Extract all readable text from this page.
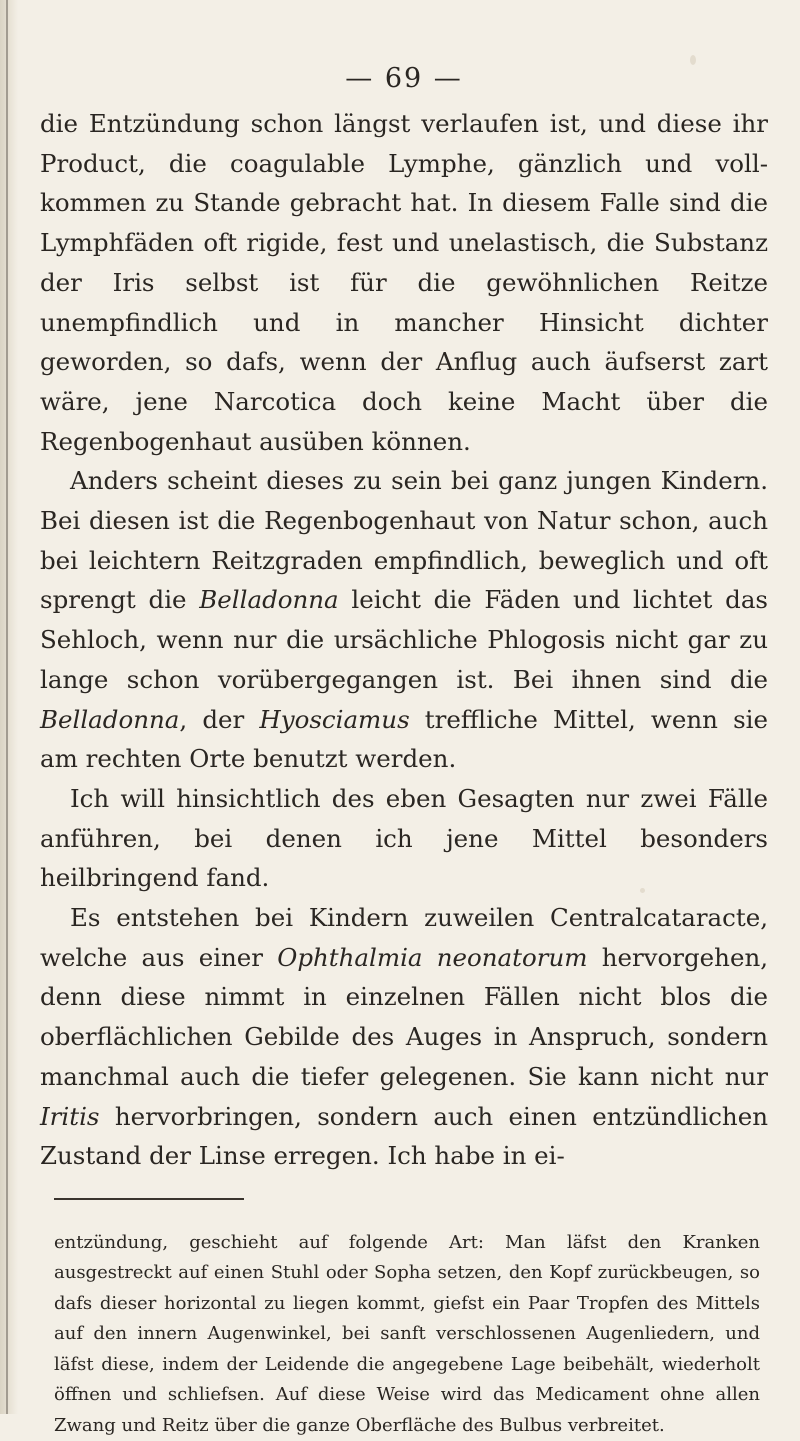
— 69 —

die Entzündung schon längst verlaufen ist, und diese ihr Product, die coagulable Lymphe, gänzlich und vollkommen zu Stande gebracht hat. In diesem Falle sind die Lymphfäden oft rigide, fest und unelastisch, die Substanz der Iris selbst ist für die gewöhnlichen Reitze unempfindlich und in mancher Hinsicht dichter geworden, so dafs, wenn der Anflug auch äufserst zart wäre, jene Narcotica doch keine Macht über die Regenbogenhaut ausüben können.

Anders scheint dieses zu sein bei ganz jungen Kindern. Bei diesen ist die Regenbogenhaut von Natur schon, auch bei leichtern Reitzgraden empfindlich, beweglich und oft sprengt die Belladonna leicht die Fäden und lichtet das Sehloch, wenn nur die ursächliche Phlogosis nicht gar zu lange schon vorübergegangen ist. Bei ihnen sind die Belladonna, der Hyosciamus treffliche Mittel, wenn sie am rechten Orte benutzt werden.

Ich will hinsichtlich des eben Gesagten nur zwei Fälle anführen, bei denen ich jene Mittel besonders heilbringend fand.

Es entstehen bei Kindern zuweilen Centralcataracte, welche aus einer Ophthalmia neonatorum hervorgehen, denn diese nimmt in einzelnen Fällen nicht blos die oberflächlichen Gebilde des Auges in Anspruch, sondern manchmal auch die tiefer gelegenen. Sie kann nicht nur Iritis hervorbringen, sondern auch einen entzündlichen Zustand der Linse erregen. Ich habe in ei-

entzündung, geschieht auf folgende Art: Man läfst den Kranken ausgestreckt auf einen Stuhl oder Sopha setzen, den Kopf zurückbeugen, so dafs dieser horizontal zu liegen kommt, giefst ein Paar Tropfen des Mittels auf den innern Augenwinkel, bei sanft verschlossenen Augenliedern, und läfst diese, indem der Leidende die angegebene Lage beibehält, wiederholt öffnen und schliefsen. Auf diese Weise wird das Medicament ohne allen Zwang und Reitz über die ganze Oberfläche des Bulbus verbreitet.
